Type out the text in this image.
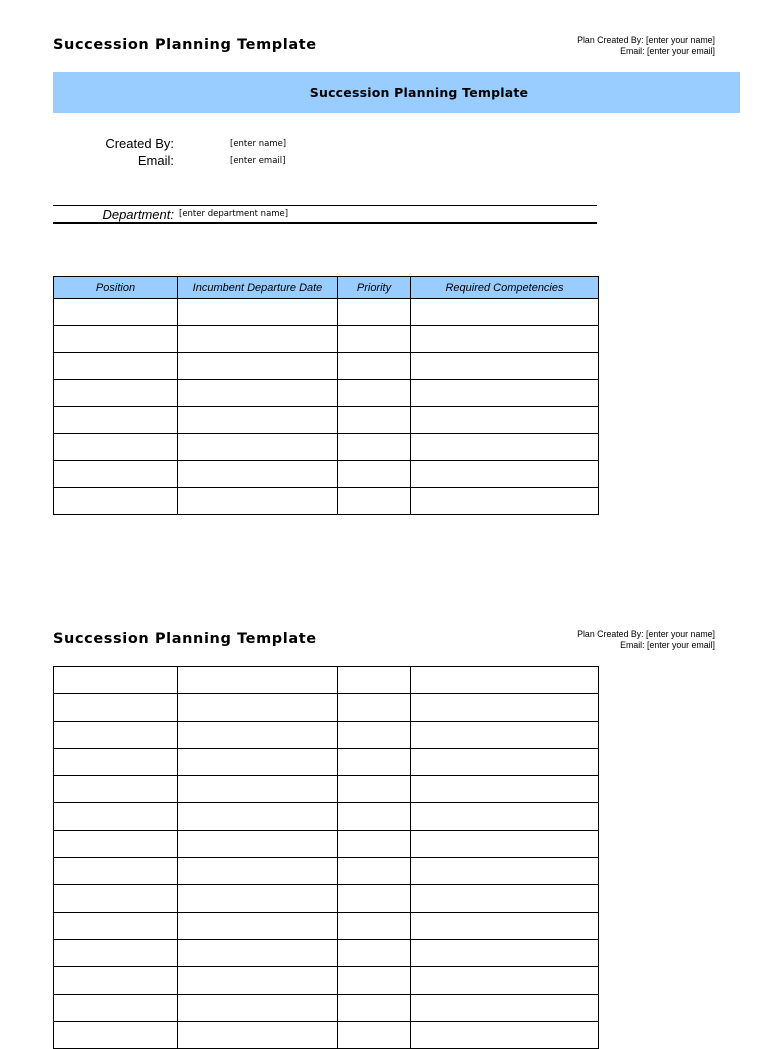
Succession Planning Template	Plan Created By: [enter your name]
Email: [enter your email]
Succession Planning Template
Created By:	[enter name]
Email:	[enter email]
Department: [enter department name]
Position	Incumbent Departure Date	Priority	Required Competencies

Succession Planning Template	Plan Created By: [enter your name]
Email: [enter your email]
